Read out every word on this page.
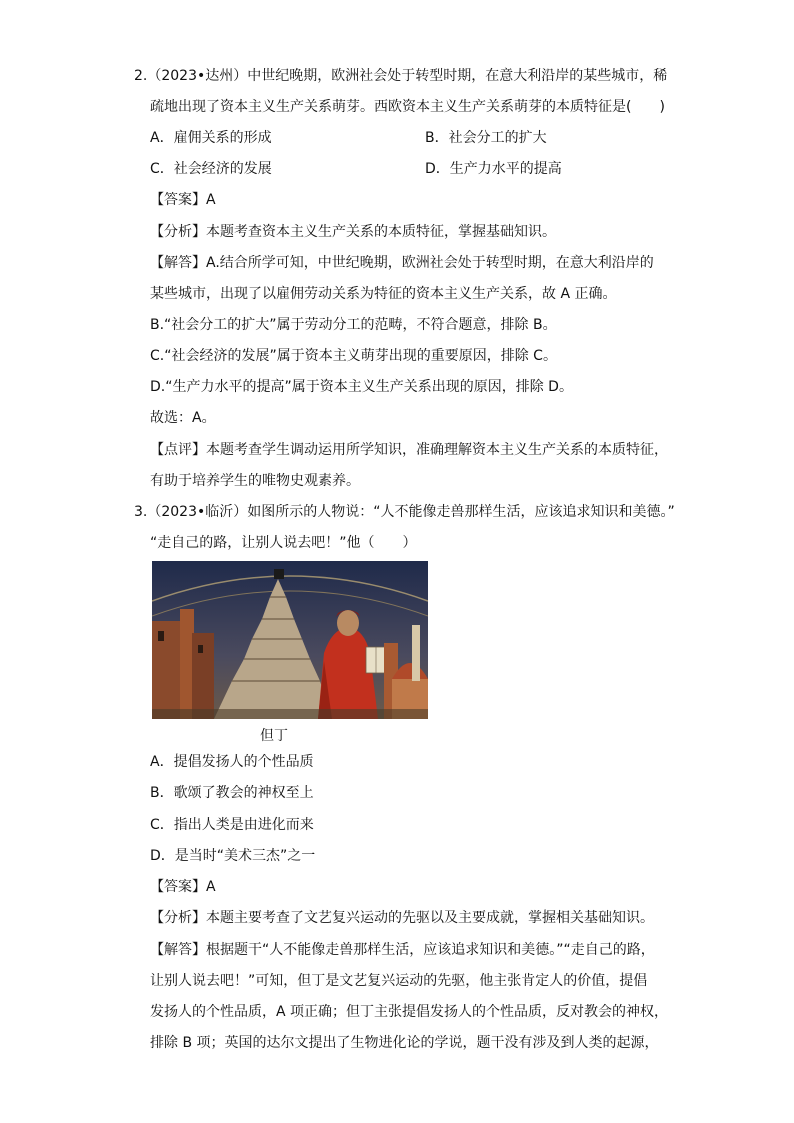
2.（2023•达州）中世纪晚期，欧洲社会处于转型时期，在意大利沿岸的某些城市，稀
疏地出现了资本主义生产关系萌芽。西欧资本主义生产关系萌芽的本质特征是(　　)
A．雇佣关系的形成	B．社会分工的扩大
C．社会经济的发展	D．生产力水平的提高
【答案】A
【分析】本题考查资本主义生产关系的本质特征，掌握基础知识。
【解答】A.结合所学可知，中世纪晚期，欧洲社会处于转型时期，在意大利沿岸的
某些城市，出现了以雇佣劳动关系为特征的资本主义生产关系，故 A 正确。
B.“社会分工的扩大”属于劳动分工的范畴，不符合题意，排除 B。
C.“社会经济的发展”属于资本主义萌芽出现的重要原因，排除 C。
D.“生产力水平的提高”属于资本主义生产关系出现的原因，排除 D。
故选：A。
【点评】本题考查学生调动运用所学知识，准确理解资本主义生产关系的本质特征，
有助于培养学生的唯物史观素养。
3.（2023•临沂）如图所示的人物说：“人不能像走兽那样生活，应该追求知识和美德。”
“走自己的路，让别人说去吧！”他（　　）
但丁
A．提倡发扬人的个性品质
B．歌颂了教会的神权至上
C．指出人类是由进化而来
D．是当时“美术三杰”之一
【答案】A
【分析】本题主要考查了文艺复兴运动的先驱以及主要成就，掌握相关基础知识。
【解答】根据题干“人不能像走兽那样生活，应该追求知识和美德。”“走自己的路，
让别人说去吧！”可知，但丁是文艺复兴运动的先驱，他主张肯定人的价值，提倡
发扬人的个性品质，A 项正确；但丁主张提倡发扬人的个性品质，反对教会的神权，
排除 B 项；英国的达尔文提出了生物进化论的学说，题干没有涉及到人类的起源，
